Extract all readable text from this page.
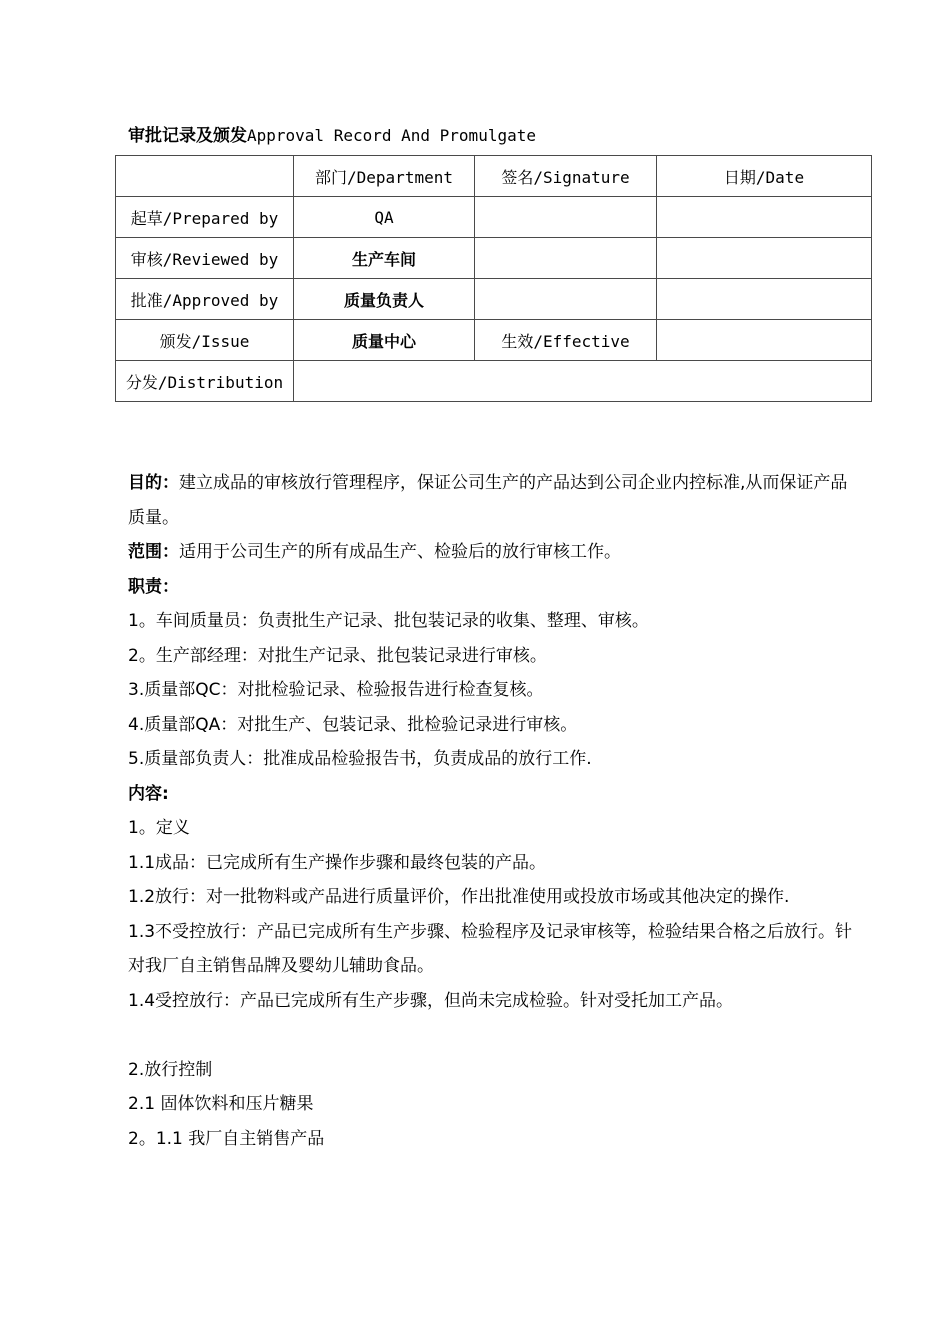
审批记录及颁发Approval Record And Promulgate
	部门/Department	签名/Signature	日期/Date
起草/Prepared by	QA		
审核/Reviewed by	生产车间		
批准/Approved by	质量负责人		
颁发/Issue	质量中心	生效/Effective	
分发/Distribution			

目的：建立成品的审核放行管理程序，保证公司生产的产品达到公司企业内控标准,从而保证产品质量。

范围：适用于公司生产的所有成品生产、检验后的放行审核工作。

职责：

1。车间质量员：负责批生产记录、批包装记录的收集、整理、审核。

2。生产部经理：对批生产记录、批包装记录进行审核。

3.质量部QC：对批检验记录、检验报告进行检查复核。

4.质量部QA：对批生产、包装记录、批检验记录进行审核。

5.质量部负责人：批准成品检验报告书，负责成品的放行工作.

内容:

1。定义

1.1成品：已完成所有生产操作步骤和最终包装的产品。

1.2放行：对一批物料或产品进行质量评价，作出批准使用或投放市场或其他决定的操作.

1.3不受控放行：产品已完成所有生产步骤、检验程序及记录审核等，检验结果合格之后放行。针对我厂自主销售品牌及婴幼儿辅助食品。

1.4受控放行：产品已完成所有生产步骤，但尚未完成检验。针对受托加工产品。

2.放行控制

2.1 固体饮料和压片糖果

2。1.1 我厂自主销售产品
